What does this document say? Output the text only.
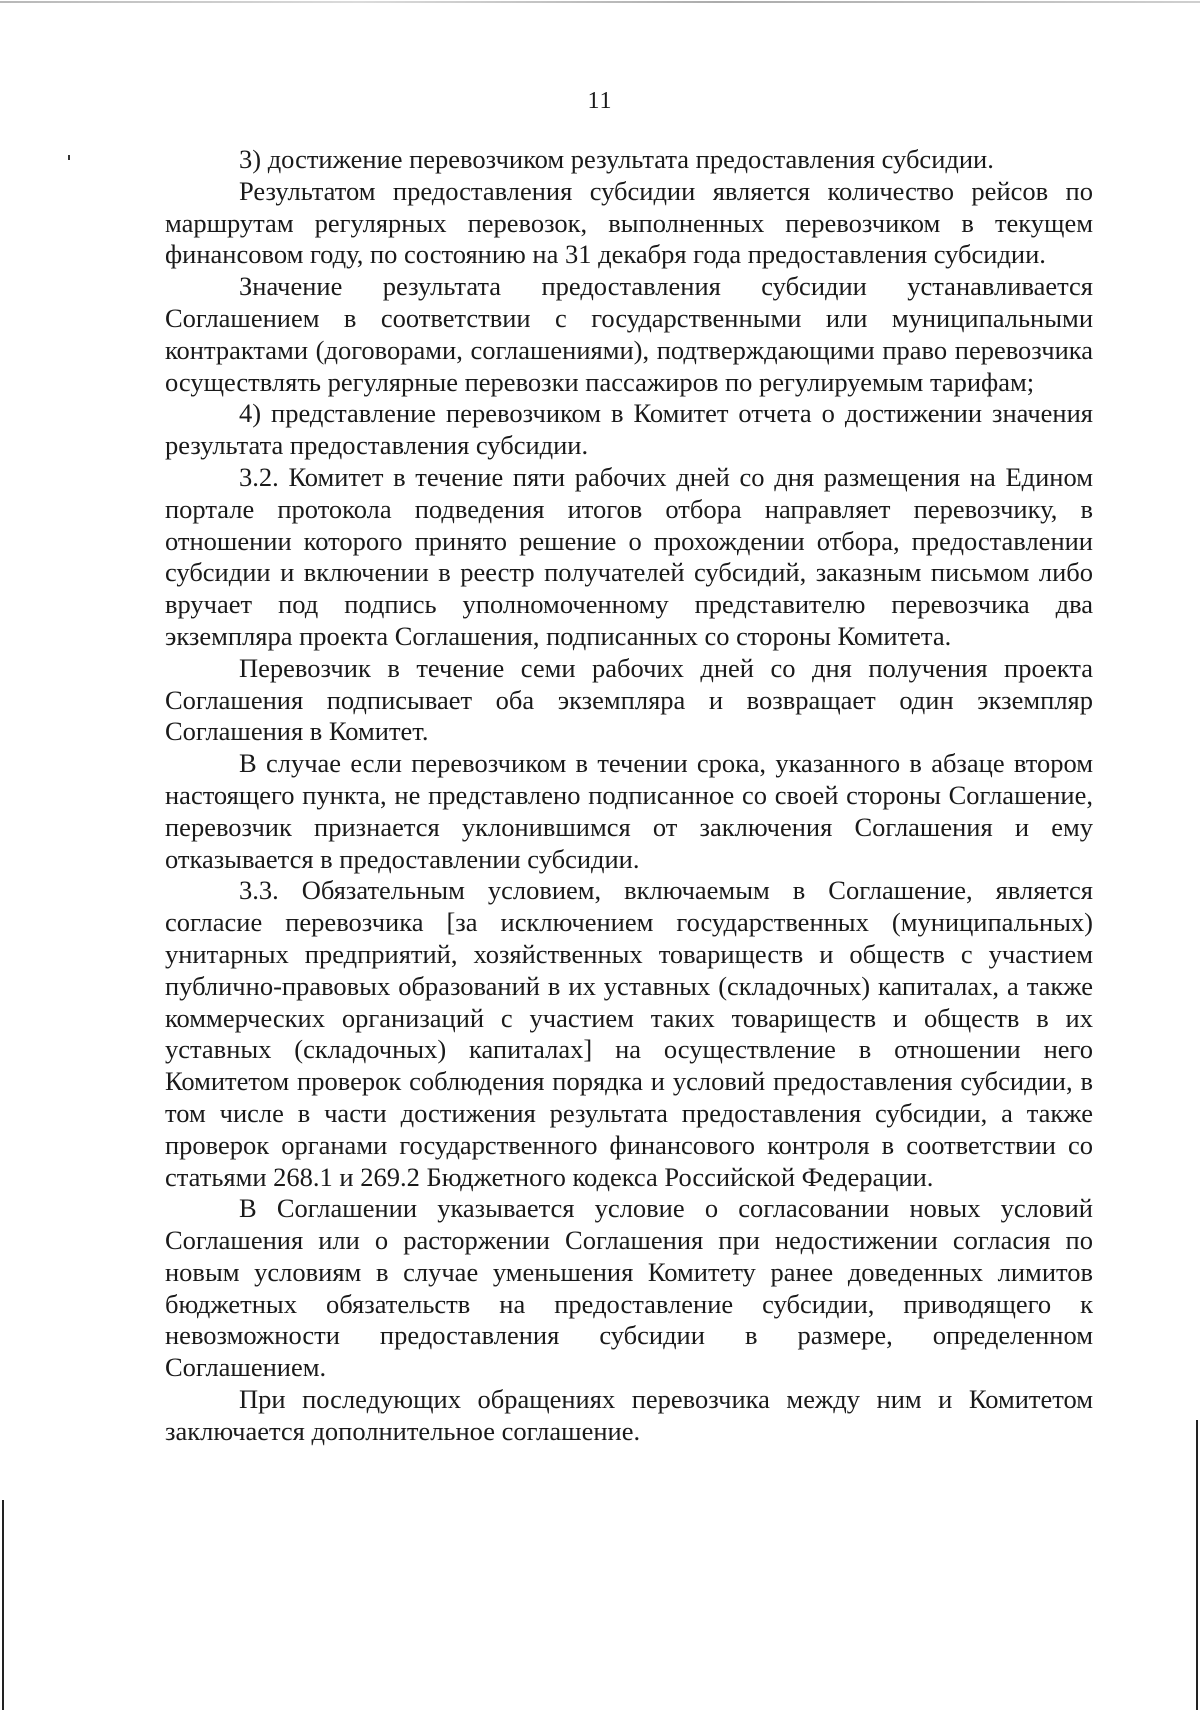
11

3) достижение перевозчиком результата предоставления субсидии.

Результатом предоставления субсидии является количество рейсов по маршрутам регулярных перевозок, выполненных перевозчиком в текущем финансовом году, по состоянию на 31 декабря года предоставления субсидии.

Значение результата предоставления субсидии устанавливается Соглашением в соответствии с государственными или муниципальными контрактами (договорами, соглашениями), подтверждающими право перевозчика осуществлять регулярные перевозки пассажиров по регулируемым тарифам;

4) представление перевозчиком в Комитет отчета о достижении значения результата предоставления субсидии.

3.2. Комитет в течение пяти рабочих дней со дня размещения на Едином портале протокола подведения итогов отбора направляет перевозчику, в отношении которого принято решение о прохождении отбора, предоставлении субсидии и включении в реестр получателей субсидий, заказным письмом либо вручает под подпись уполномоченному представителю перевозчика два экземпляра проекта Соглашения, подписанных со стороны Комитета.

Перевозчик в течение семи рабочих дней со дня получения проекта Соглашения подписывает оба экземпляра и возвращает один экземпляр Соглашения в Комитет.

В случае если перевозчиком в течении срока, указанного в абзаце втором настоящего пункта, не представлено подписанное со своей стороны Соглашение, перевозчик признается уклонившимся от заключения Соглашения и ему отказывается в предоставлении субсидии.

3.3. Обязательным условием, включаемым в Соглашение, является согласие перевозчика [за исключением государственных (муниципальных) унитарных предприятий, хозяйственных товариществ и обществ с участием публично-правовых образований в их уставных (складочных) капиталах, а также коммерческих организаций с участием таких товариществ и обществ в их уставных (складочных) капиталах] на осуществление в отношении него Комитетом проверок соблюдения порядка и условий предоставления субсидии, в том числе в части достижения результата предоставления субсидии, а также проверок органами государственного финансового контроля в соответствии со статьями 268.1 и 269.2 Бюджетного кодекса Российской Федерации.

В Соглашении указывается условие о согласовании новых условий Соглашения или о расторжении Соглашения при недостижении согласия по новым условиям в случае уменьшения Комитету ранее доведенных лимитов бюджетных обязательств на предоставление субсидии, приводящего к невозможности предоставления субсидии в размере, определенном Соглашением.

При последующих обращениях перевозчика между ним и Комитетом заключается дополнительное соглашение.
